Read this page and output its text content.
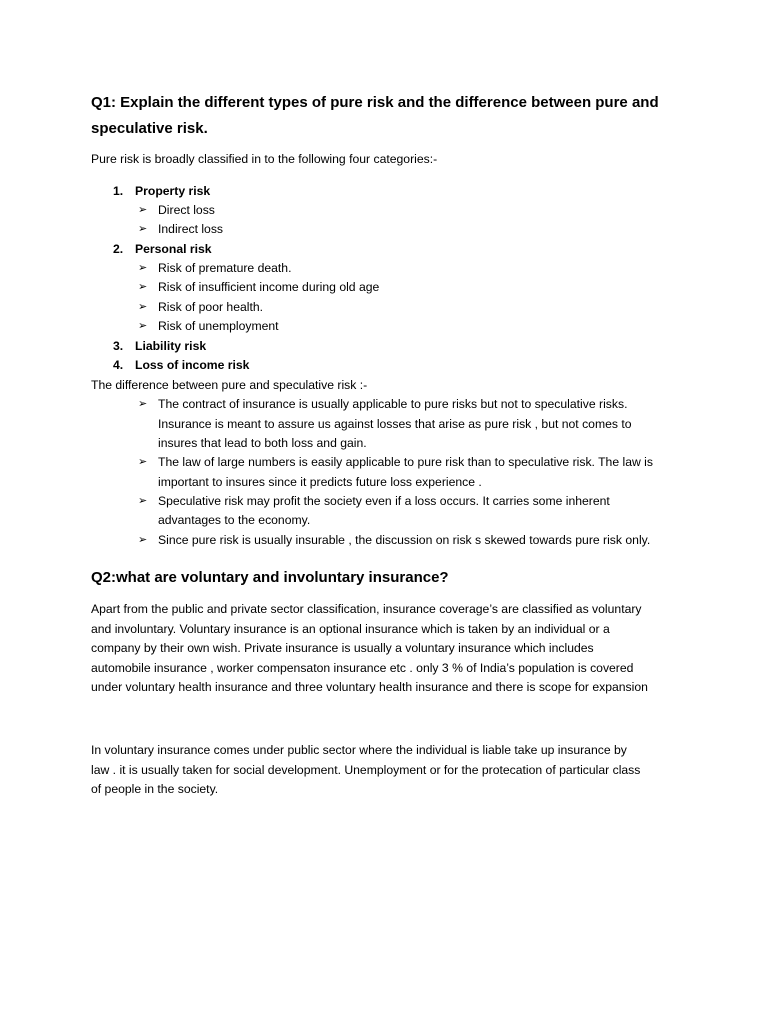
Q1: Explain the different types of pure risk and the difference between pure and
speculative risk.
Pure risk is broadly classified in to the following four categories:-
1. Property risk
➢ Direct loss
➢ Indirect loss
2. Personal risk
➢ Risk of premature death.
➢ Risk of insufficient income during old age
➢ Risk of poor health.
➢ Risk of unemployment
3. Liability risk
4. Loss of income risk
The difference between pure and speculative risk :-
➢ The contract of insurance is usually applicable to pure risks but not to speculative risks.
Insurance is meant to assure us against losses that arise as pure risk , but not comes to
insures that lead to both loss and gain.
➢ The law of large numbers is easily applicable to pure risk than to speculative risk. The law is
important to insures since it predicts future loss experience .
➢ Speculative risk may profit the society even if a loss occurs. It carries some inherent
advantages to the economy.
➢ Since pure risk is usually insurable , the discussion on risk s skewed towards pure risk only.
Q2:what are voluntary and involuntary insurance?
Apart from the public and private sector classification, insurance coverage’s are classified as voluntary
and involuntary. Voluntary insurance is an optional insurance which is taken by an individual or a
company by their own wish. Private insurance is usually a voluntary insurance which includes
automobile insurance , worker compensaton insurance etc . only 3 % of India’s population is covered
under voluntary health insurance and three voluntary health insurance and there is scope for expansion
In voluntary insurance comes under public sector where the individual is liable take up insurance by
law . it is usually taken for social development. Unemployment or for the protecation of particular class
of people in the society.
